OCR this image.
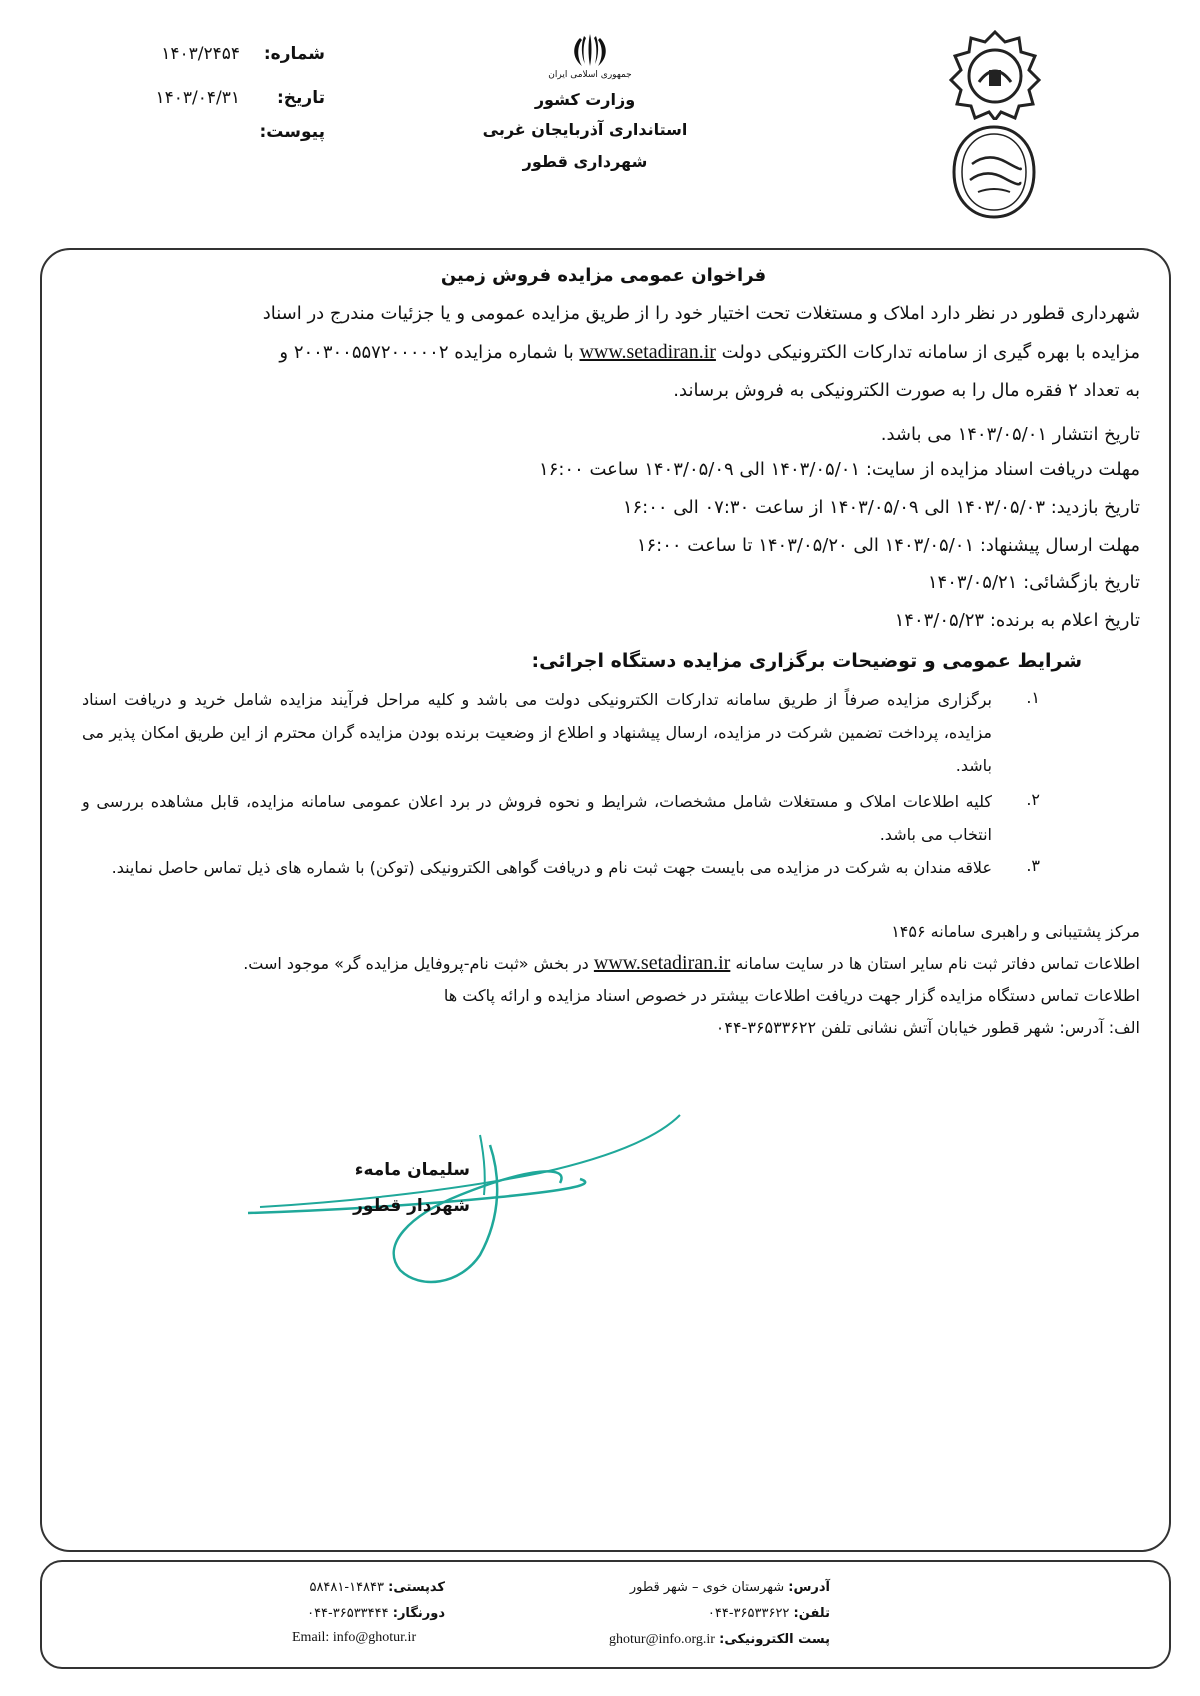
جمهوری اسلامی ایران
وزارت کشور
استانداری آذربایجان غربی
شهرداری قطور
شماره:
۱۴۰۳/۲۴۵۴
تاریخ:
۱۴۰۳/۰۴/۳۱
پیوست:
فراخوان عمومی مزایده فروش زمین
شهرداری قطور در نظر دارد املاک و مستغلات تحت اختیار خود را از طریق مزایده عمومی و یا جزئیات مندرج در اسناد
مزایده با بهره گیری از سامانه تدارکات الکترونیکی دولت www.setadiran.ir با شماره مزایده ۲۰۰۳۰۰۵۵۷۲۰۰۰۰۰۲ و
به تعداد ۲ فقره مال را به صورت الکترونیکی به فروش برساند.
تاریخ انتشار ۱۴۰۳/۰۵/۰۱ می باشد.
مهلت دریافت اسناد مزایده از سایت: ۱۴۰۳/۰۵/۰۱ الی ۱۴۰۳/۰۵/۰۹ ساعت ۱۶:۰۰
تاریخ بازدید: ۱۴۰۳/۰۵/۰۳ الی ۱۴۰۳/۰۵/۰۹ از ساعت ۰۷:۳۰ الی ۱۶:۰۰
مهلت ارسال پیشنهاد: ۱۴۰۳/۰۵/۰۱ الی ۱۴۰۳/۰۵/۲۰ تا ساعت ۱۶:۰۰
تاریخ بازگشائی: ۱۴۰۳/۰۵/۲۱
تاریخ اعلام به برنده: ۱۴۰۳/۰۵/۲۳
شرایط عمومی و توضیحات برگزاری مزایده دستگاه اجرائی:
۱.
برگزاری مزایده صرفاً از طریق سامانه تدارکات الکترونیکی دولت می باشد و کلیه مراحل فرآیند مزایده شامل خرید و دریافت اسناد مزایده، پرداخت تضمین شرکت در مزایده، ارسال پیشنهاد و اطلاع از وضعیت برنده بودن مزایده گران محترم از این طریق امکان پذیر می باشد.
۲.
کلیه اطلاعات املاک و مستغلات شامل مشخصات، شرایط و نحوه فروش در برد اعلان عمومی سامانه مزایده، قابل مشاهده بررسی و انتخاب می باشد.
۳.
علاقه مندان به شرکت در مزایده می بایست جهت ثبت نام و دریافت گواهی الکترونیکی (توکن) با شماره های ذیل تماس حاصل نمایند.
مرکز پشتیبانی و راهبری سامانه ۱۴۵۶
اطلاعات تماس دفاتر ثبت نام سایر استان ها در سایت سامانه www.setadiran.ir در بخش «ثبت نام-پروفایل مزایده گر» موجود است.
اطلاعات تماس دستگاه مزایده گزار جهت دریافت اطلاعات بیشتر در خصوص اسناد مزایده و ارائه پاکت ها
الف: آدرس: شهر قطور خیابان آتش نشانی تلفن ۳۶۵۳۳۶۲۲-۰۴۴
سلیمان مامهء
شهردار قطور
آدرس: شهرستان خوی – شهر قطور
تلفن: ۳۶۵۳۳۶۲۲-۰۴۴
پست الکترونیکی: ghotur@info.org.ir
کدپستی: ۱۴۸۴۳-۵۸۴۸۱
دورنگار: ۳۶۵۳۳۴۴۴-۰۴۴
Email: info@ghotur.ir
